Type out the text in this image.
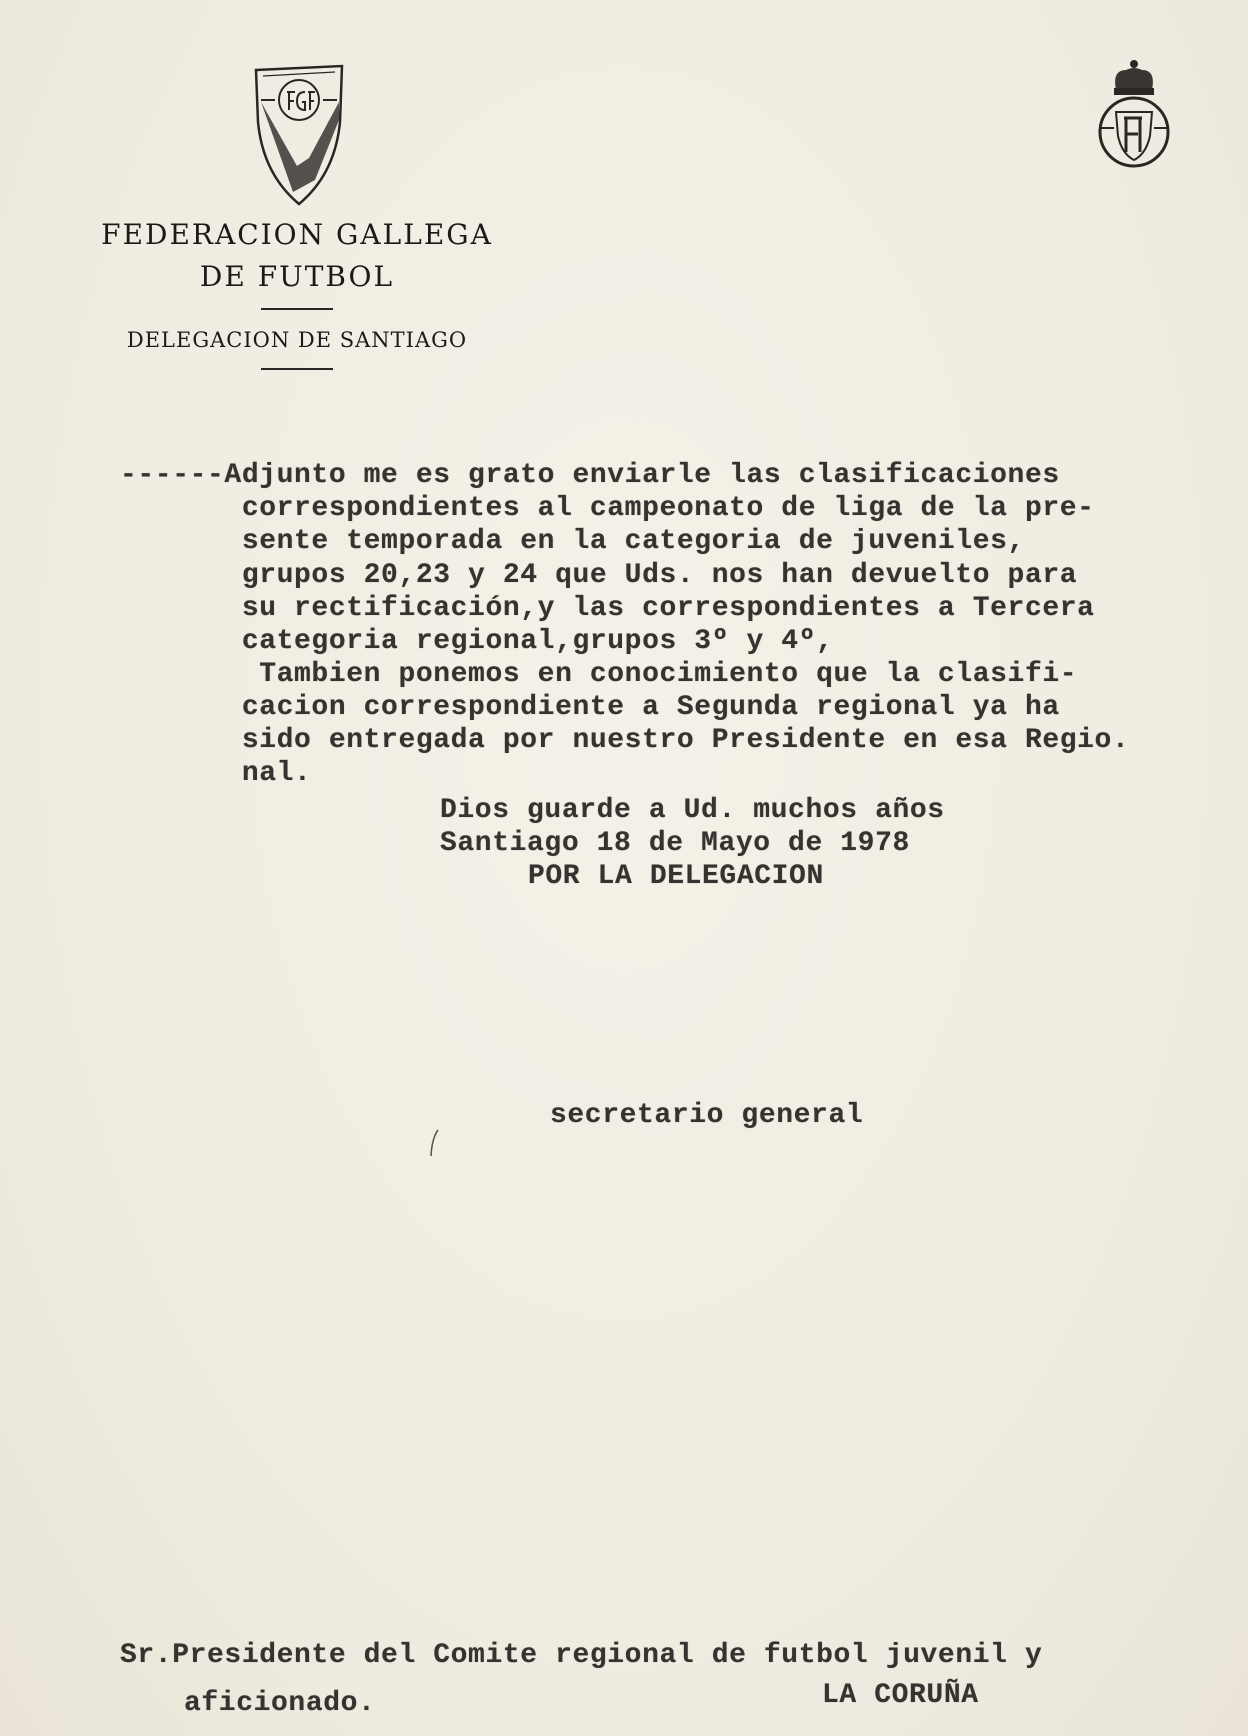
FEDERACION GALLEGA
DE FUTBOL
DELEGACION DE SANTIAGO
------Adjunto me es grato enviarle las clasificaciones
correspondientes al campeonato de liga de la pre-
sente temporada en la categoria de juveniles,
grupos 20,23 y 24 que Uds. nos han devuelto para
su rectificación,y las correspondientes a Tercera
categoria regional,grupos 3º y 4º,
Tambien ponemos en conocimiento que la clasifi-
cacion correspondiente a Segunda regional ya ha
sido entregada por nuestro Presidente en esa Regio.
nal.
Dios guarde a Ud. muchos años
Santiago 18 de Mayo de 1978
POR LA DELEGACION
secretario general
Sr.Presidente del Comite regional de futbol juvenil y
aficionado.	LA CORUÑA
